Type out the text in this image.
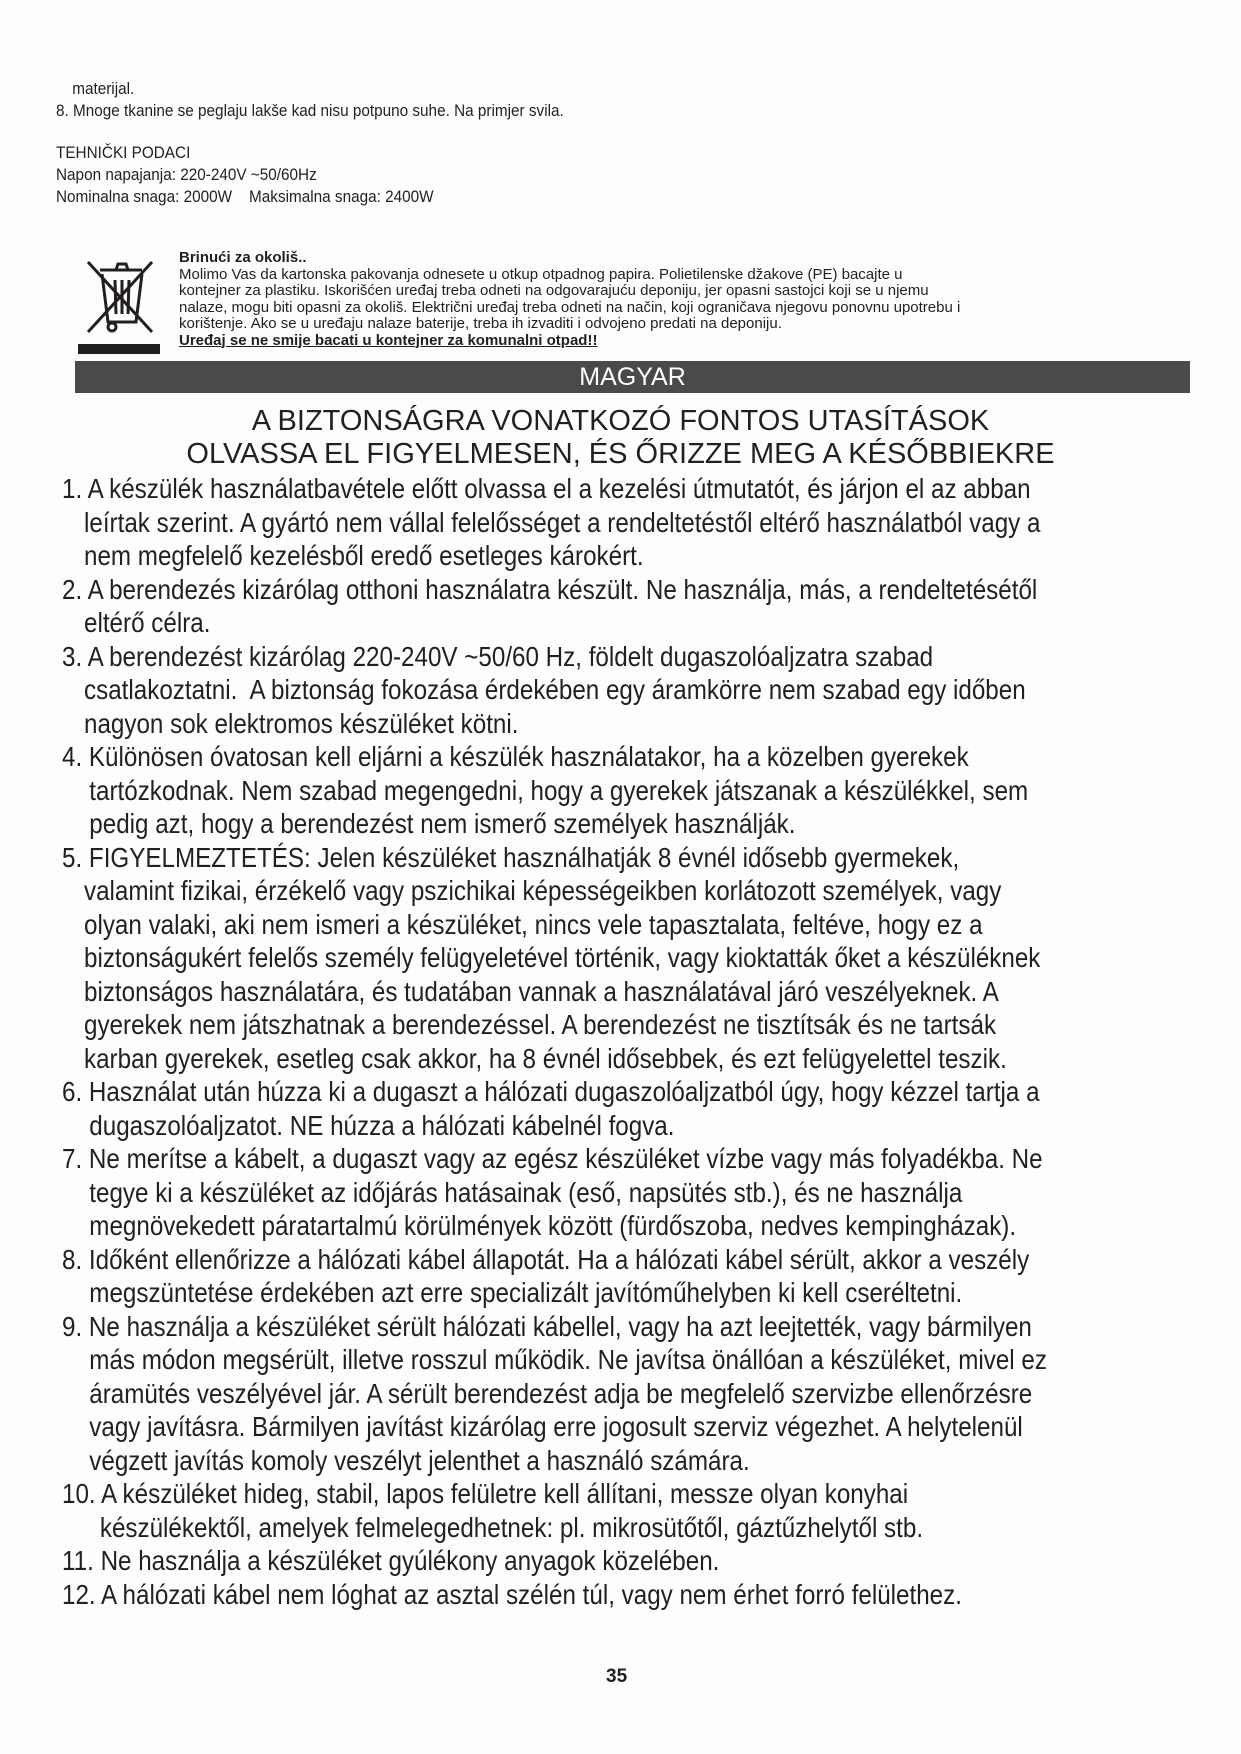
materijal.
8. Mnoge tkanine se peglaju lakše kad nisu potpuno suhe. Na primjer svila.
TEHNIČKI PODACI
Napon napajanja: 220-240V ~50/60Hz
Nominalna snaga: 2000W    Maksimalna snaga: 2400W
Brinući za okoliš..
Molimo Vas da kartonska pakovanja odnesete u otkup otpadnog papira. Polietilenske džakove (PE) bacajte u
kontejner za plastiku. Iskorišćen uređaj treba odneti na odgovarajuću deponiju, jer opasni sastojci koji se u njemu
nalaze, mogu biti opasni za okoliš. Električni uređaj treba odneti na način, koji ograničava njegovu ponovnu upotrebu i
korištenje. Ako se u uređaju nalaze baterije, treba ih izvaditi i odvojeno predati na deponiju.
Uređaj se ne smije bacati u kontejner za komunalni otpad!!
MAGYAR
A BIZTONSÁGRA VONATKOZÓ FONTOS UTASÍTÁSOK
OLVASSA EL FIGYELMESEN, ÉS ŐRIZZE MEG A KÉSŐBBIEKRE
1. A készülék használatbavétele előtt olvassa el a kezelési útmutatót, és járjon el az abban
leírtak szerint. A gyártó nem vállal felelősséget a rendeltetéstől eltérő használatból vagy a
nem megfelelő kezelésből eredő esetleges károkért.
2. A berendezés kizárólag otthoni használatra készült. Ne használja, más, a rendeltetésétől
eltérő célra.
3. A berendezést kizárólag 220-240V ~50/60 Hz, földelt dugaszolóaljzatra szabad
csatlakoztatni.  A biztonság fokozása érdekében egy áramkörre nem szabad egy időben
nagyon sok elektromos készüléket kötni.
4. Különösen óvatosan kell eljárni a készülék használatakor, ha a közelben gyerekek
tartózkodnak. Nem szabad megengedni, hogy a gyerekek játszanak a készülékkel, sem
pedig azt, hogy a berendezést nem ismerő személyek használják.
5. FIGYELMEZTETÉS: Jelen készüléket használhatják 8 évnél idősebb gyermekek,
valamint fizikai, érzékelő vagy pszichikai képességeikben korlátozott személyek, vagy
olyan valaki, aki nem ismeri a készüléket, nincs vele tapasztalata, feltéve, hogy ez a
biztonságukért felelős személy felügyeletével történik, vagy kioktatták őket a készüléknek
biztonságos használatára, és tudatában vannak a használatával járó veszélyeknek. A
gyerekek nem játszhatnak a berendezéssel. A berendezést ne tisztítsák és ne tartsák
karban gyerekek, esetleg csak akkor, ha 8 évnél idősebbek, és ezt felügyelettel teszik.
6. Használat után húzza ki a dugaszt a hálózati dugaszolóaljzatból úgy, hogy kézzel tartja a
dugaszolóaljzatot. NE húzza a hálózati kábelnél fogva.
7. Ne merítse a kábelt, a dugaszt vagy az egész készüléket vízbe vagy más folyadékba. Ne
tegye ki a készüléket az időjárás hatásainak (eső, napsütés stb.), és ne használja
megnövekedett páratartalmú körülmények között (fürdőszoba, nedves kempingházak).
8. Időként ellenőrizze a hálózati kábel állapotát. Ha a hálózati kábel sérült, akkor a veszély
megszüntetése érdekében azt erre specializált javítóműhelyben ki kell cseréltetni.
9. Ne használja a készüléket sérült hálózati kábellel, vagy ha azt leejtették, vagy bármilyen
más módon megsérült, illetve rosszul működik. Ne javítsa önállóan a készüléket, mivel ez
áramütés veszélyével jár. A sérült berendezést adja be megfelelő szervizbe ellenőrzésre
vagy javításra. Bármilyen javítást kizárólag erre jogosult szerviz végezhet. A helytelenül
végzett javítás komoly veszélyt jelenthet a használó számára.
10. A készüléket hideg, stabil, lapos felületre kell állítani, messze olyan konyhai
készülékektől, amelyek felmelegedhetnek: pl. mikrosütőtől, gáztűzhelytől stb.
11. Ne használja a készüléket gyúlékony anyagok közelében.
12. A hálózati kábel nem lóghat az asztal szélén túl, vagy nem érhet forró felülethez.
35
